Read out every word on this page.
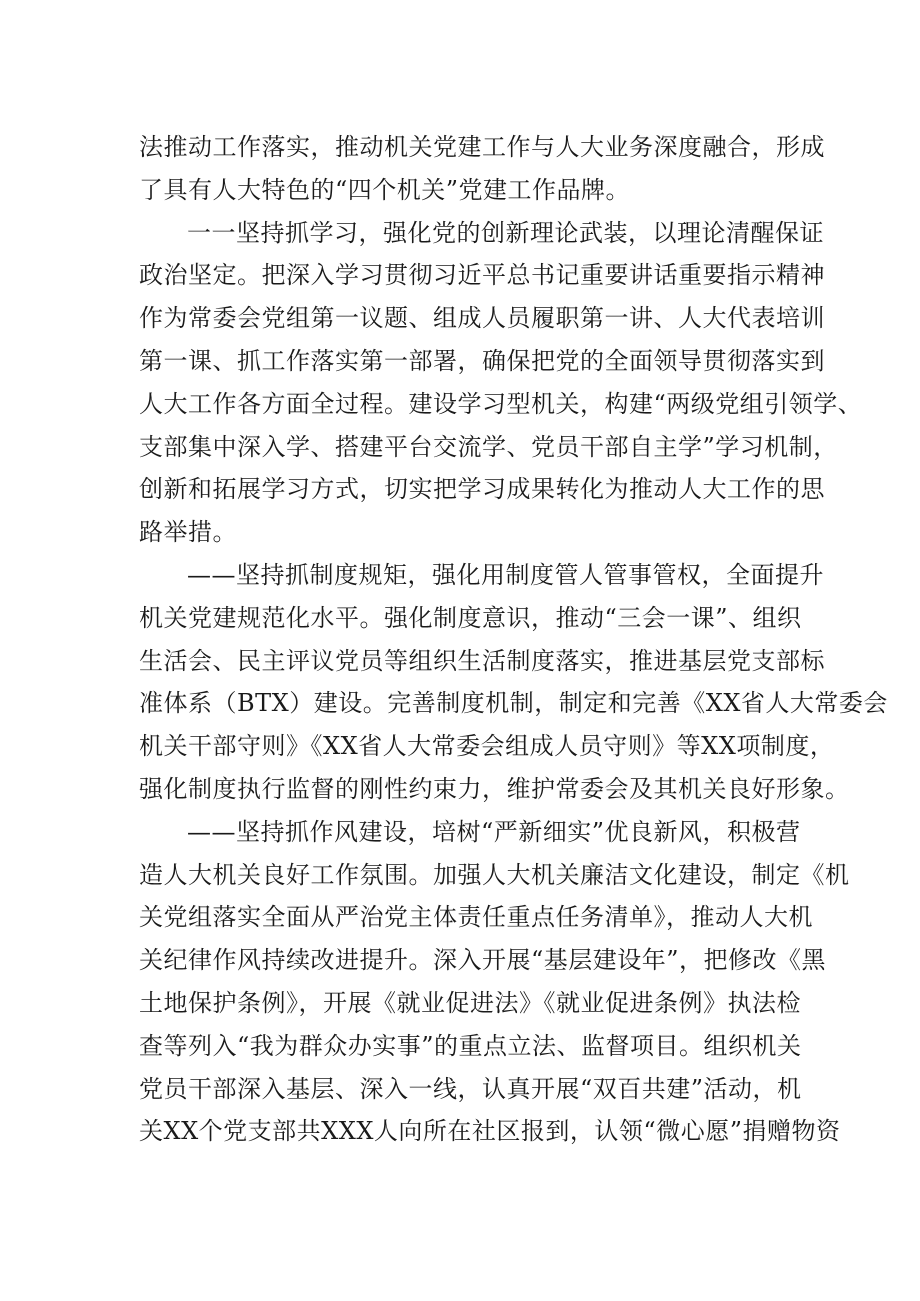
法推动工作落实，推动机关党建工作与人大业务深度融合，形成
了具有人大特色的“四个机关”党建工作品牌。
一一坚持抓学习，强化党的创新理论武装，以理论清醒保证
政治坚定。把深入学习贯彻习近平总书记重要讲话重要指示精神
作为常委会党组第一议题、组成人员履职第一讲、人大代表培训
第一课、抓工作落实第一部署，确保把党的全面领导贯彻落实到
人大工作各方面全过程。建设学习型机关，构建“两级党组引领学、
支部集中深入学、搭建平台交流学、党员干部自主学”学习机制，
创新和拓展学习方式，切实把学习成果转化为推动人大工作的思
路举措。
——坚持抓制度规矩，强化用制度管人管事管权，全面提升
机关党建规范化水平。强化制度意识，推动“三会一课”、组织
生活会、民主评议党员等组织生活制度落实，推进基层党支部标
准体系（BTX）建设。完善制度机制，制定和完善《XX省人大常委会
机关干部守则》《XX省人大常委会组成人员守则》等XX项制度，
强化制度执行监督的刚性约束力，维护常委会及其机关良好形象。
——坚持抓作风建设，培树“严新细实”优良新风，积极营
造人大机关良好工作氛围。加强人大机关廉洁文化建设，制定《机
关党组落实全面从严治党主体责任重点任务清单》，推动人大机
关纪律作风持续改进提升。深入开展“基层建设年”，把修改《黑
土地保护条例》，开展《就业促进法》《就业促进条例》执法检
查等列入“我为群众办实事”的重点立法、监督项目。组织机关
党员干部深入基层、深入一线，认真开展“双百共建”活动，机
关XX个党支部共XXX人向所在社区报到，认领“微心愿”捐赠物资
